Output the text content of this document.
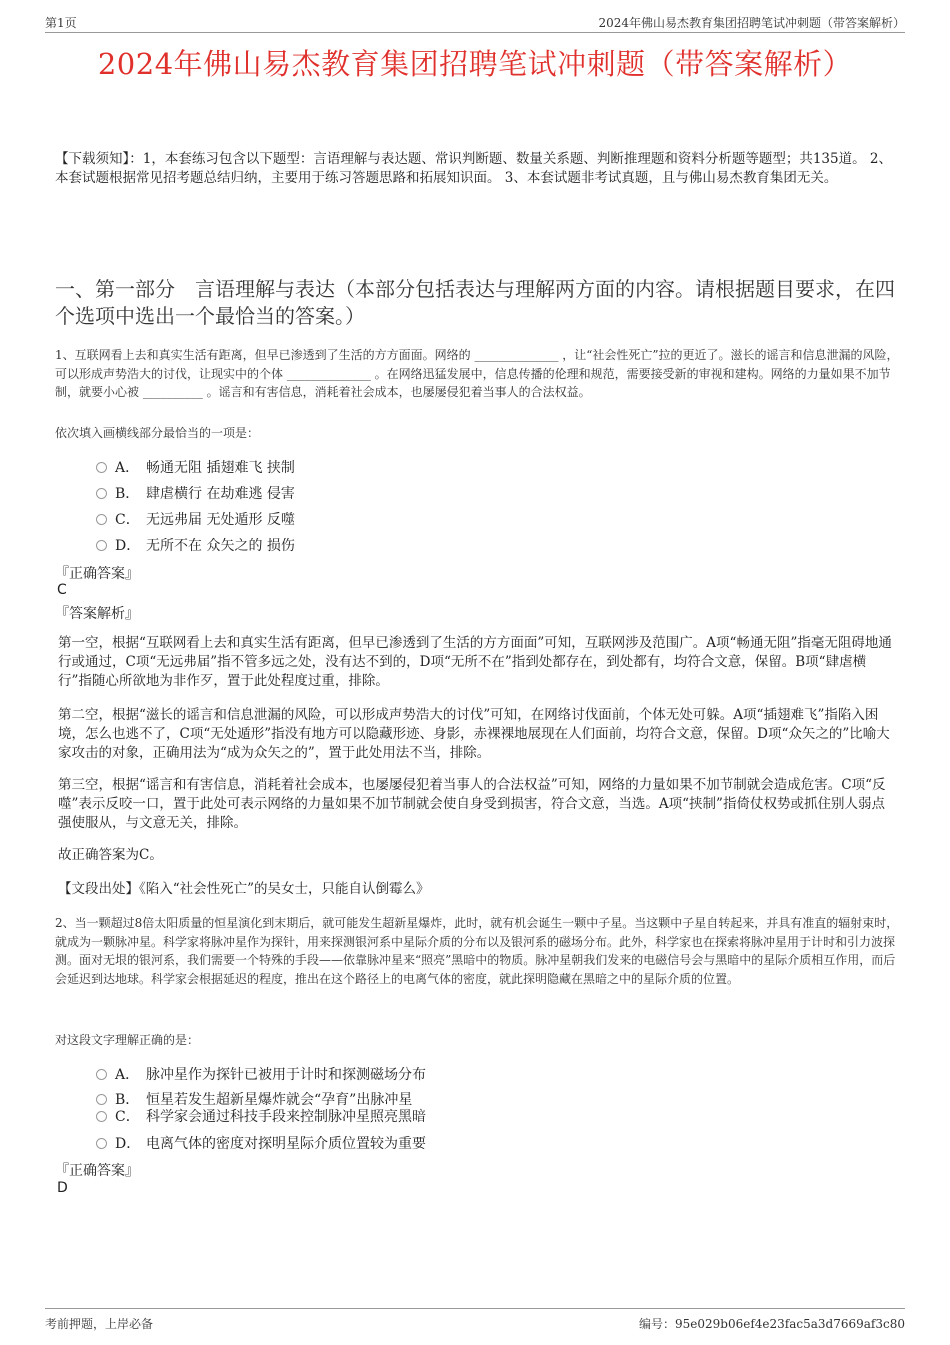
第1页	2024年佛山易杰教育集团招聘笔试冲刺题（带答案解析）
2024年佛山易杰教育集团招聘笔试冲刺题（带答案解析）
【下载须知】：1，本套练习包含以下题型：言语理解与表达题、常识判断题、数量关系题、判断推理题和资料分析题等题型；共135道。 2、本套试题根据常见招考题总结归纳，主要用于练习答题思路和拓展知识面。 3、本套试题非考试真题，且与佛山易杰教育集团无关。
一、第一部分　言语理解与表达（本部分包括表达与理解两方面的内容。请根据题目要求，在四个选项中选出一个最恰当的答案。）
1、互联网看上去和真实生活有距离，但早已渗透到了生活的方方面面。网络的 ______________ ，让“社会性死亡”拉的更近了。滋长的谣言和信息泄漏的风险，可以形成声势浩大的讨伐，让现实中的个体 ______________ 。在网络迅猛发展中，信息传播的伦理和规范，需要接受新的审视和建构。网络的力量如果不加节制，就要小心被 __________ 。谣言和有害信息，消耗着社会成本，也屡屡侵犯着当事人的合法权益。
依次填入画横线部分最恰当的一项是：
A． 畅通无阻 插翅难飞 挟制
B． 肆虐横行 在劫难逃 侵害
C． 无远弗届 无处遁形 反噬
D． 无所不在 众矢之的 损伤
『正确答案』
C
『答案解析』
第一空，根据“互联网看上去和真实生活有距离，但早已渗透到了生活的方方面面”可知，互联网涉及范围广。A项“畅通无阻”指毫无阻碍地通行或通过，C项“无远弗届”指不管多远之处，没有达不到的，D项“无所不在”指到处都存在，到处都有，均符合文意，保留。B项“肆虐横行”指随心所欲地为非作歹，置于此处程度过重，排除。
第二空，根据“滋长的谣言和信息泄漏的风险，可以形成声势浩大的讨伐”可知，在网络讨伐面前，个体无处可躲。A项“插翅难飞”指陷入困境，怎么也逃不了，C项“无处遁形”指没有地方可以隐藏形迹、身影，赤裸裸地展现在人们面前，均符合文意，保留。D项“众矢之的”比喻大家攻击的对象，正确用法为“成为众矢之的”，置于此处用法不当，排除。
第三空，根据“谣言和有害信息，消耗着社会成本，也屡屡侵犯着当事人的合法权益”可知，网络的力量如果不加节制就会造成危害。C项“反噬”表示反咬一口，置于此处可表示网络的力量如果不加节制就会使自身受到损害，符合文意，当选。A项“挟制”指倚仗权势或抓住别人弱点强使服从，与文意无关，排除。
故正确答案为C。
【文段出处】《陷入“社会性死亡”的吴女士，只能自认倒霉么》
2、当一颗超过8倍太阳质量的恒星演化到末期后，就可能发生超新星爆炸，此时，就有机会诞生一颗中子星。当这颗中子星自转起来，并具有准直的辐射束时，就成为一颗脉冲星。科学家将脉冲星作为探针，用来探测银河系中星际介质的分布以及银河系的磁场分布。此外，科学家也在探索将脉冲星用于计时和引力波探测。面对无垠的银河系，我们需要一个特殊的手段——依靠脉冲星来“照亮”黑暗中的物质。脉冲星朝我们发来的电磁信号会与黑暗中的星际介质相互作用，而后会延迟到达地球。科学家会根据延迟的程度，推出在这个路径上的电离气体的密度，就此探明隐藏在黑暗之中的星际介质的位置。
对这段文字理解正确的是：
A． 脉冲星作为探针已被用于计时和探测磁场分布
B． 恒星若发生超新星爆炸就会“孕育”出脉冲星
C． 科学家会通过科技手段来控制脉冲星照亮黑暗
D． 电离气体的密度对探明星际介质位置较为重要
『正确答案』
D
考前押题，上岸必备	编号：95e029b06ef4e23fac5a3d7669af3c80
